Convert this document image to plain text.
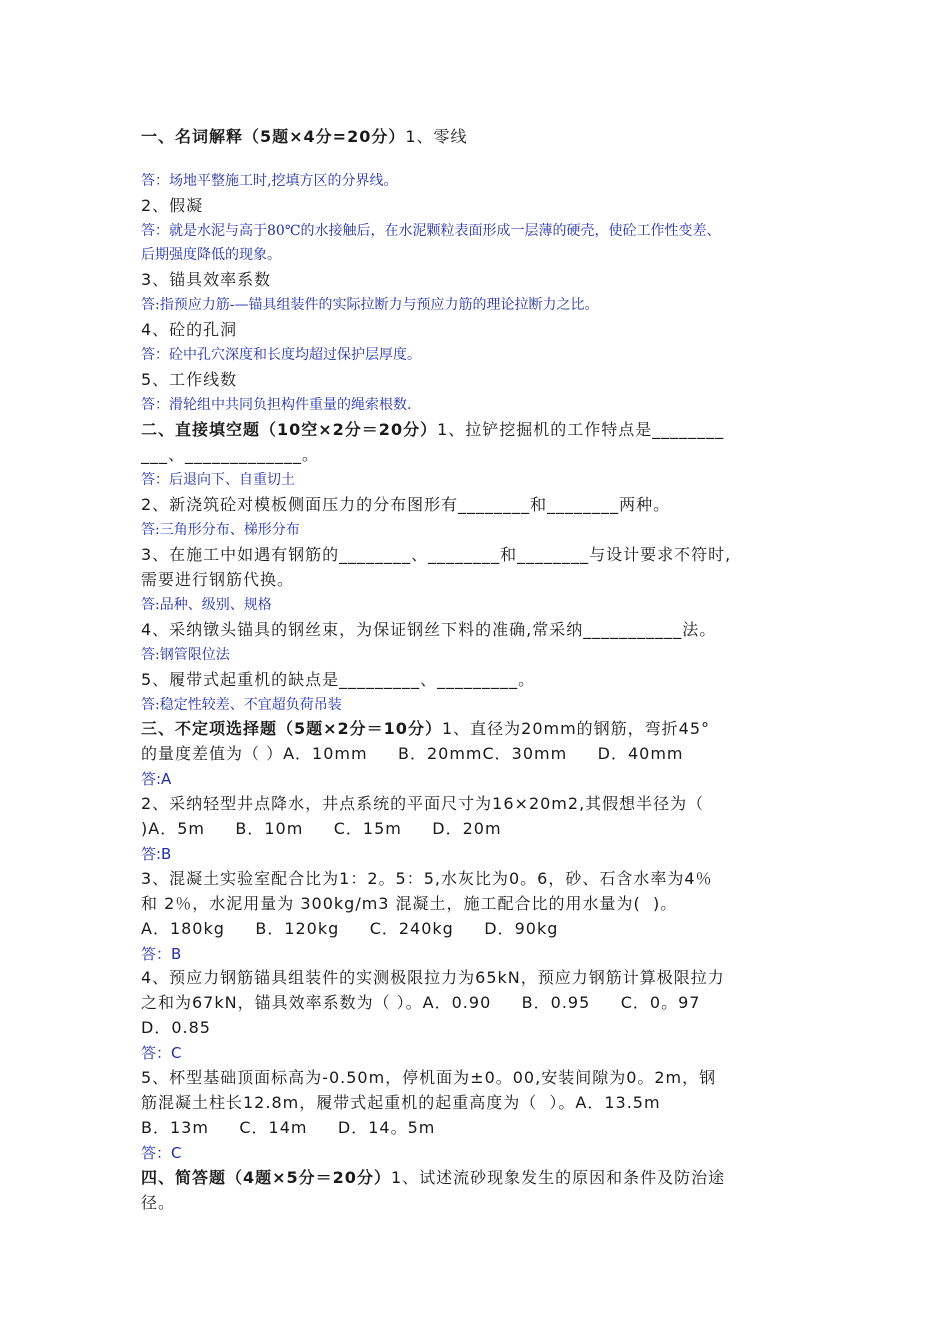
一、名词解释（5题×4分=20分）1、零线
答：场地平整施工时,挖填方区的分界线。
2、假凝
答：就是水泥与高于80℃的水接触后，在水泥颗粒表面形成一层薄的硬壳，使砼工作性变差、
后期强度降低的现象。
3、锚具效率系数
答:指预应力筋-—锚具组装件的实际拉断力与预应力筋的理论拉断力之比。
4、砼的孔洞
答：砼中孔穴深度和长度均超过保护层厚度。
5、工作线数
答：滑轮组中共同负担构件重量的绳索根数.
二、直接填空题（10空×2分＝20分）1、拉铲挖掘机的工作特点是________
___、_____________。
答：后退向下、自重切土
2、新浇筑砼对模板侧面压力的分布图形有________和________两种。
答:三角形分布、梯形分布
3、在施工中如遇有钢筋的________、________和________与设计要求不符时,
需要进行钢筋代换。
答:品种、级别、规格
4、采纳镦头锚具的钢丝束，为保证钢丝下料的准确,常采纳___________法。
答:钢管限位法
5、履带式起重机的缺点是_________、_________。
答:稳定性较差、不宜超负荷吊装
三、不定项选择题（5题×2分＝10分）1、直径为20mm的钢筋，弯折45°
的量度差值为（ ）A．10mm     B．20mmC．30mm     D．40mm
答:A
2、采纳轻型井点降水，井点系统的平面尺寸为16×20m2,其假想半径为（
)A．5m     B．10m     C．15m     D．20m
答:B
3、混凝土实验室配合比为1：2。5：5,水灰比为0。6，砂、石含水率为4％
和 2％，水泥用量为 300kg/m3 混凝土，施工配合比的用水量为(  )。
A．180kg     B．120kg     C．240kg     D．90kg
答：B
4、预应力钢筋锚具组装件的实测极限拉力为65kN，预应力钢筋计算极限拉力
之和为67kN，锚具效率系数为（ ）。A．0.90     B．0.95     C．0。97
D．0.85
答：C
5、杯型基础顶面标高为-0.50m，停机面为±0。00,安装间隙为0。2m，钢
筋混凝土柱长12.8m，履带式起重机的起重高度为（  ）。A．13.5m
B．13m     C．14m     D．14。5m
答：C
四、简答题（4题×5分＝20分）1、试述流砂现象发生的原因和条件及防治途
径。
